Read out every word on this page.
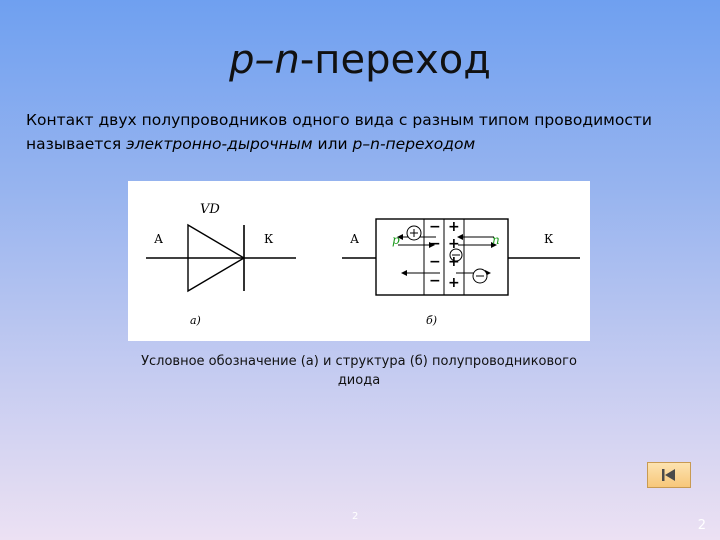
p–n-переход
Контакт двух полупроводников одного вида с разным типом проводимости называется электронно-дырочным или p–n-переходом
VD
А	К
а)
А	К
p	n
−
−
−
−
+
+
+
+
б)
Условное обозначение (а) и структура (б) полупроводникового диода
2
2
